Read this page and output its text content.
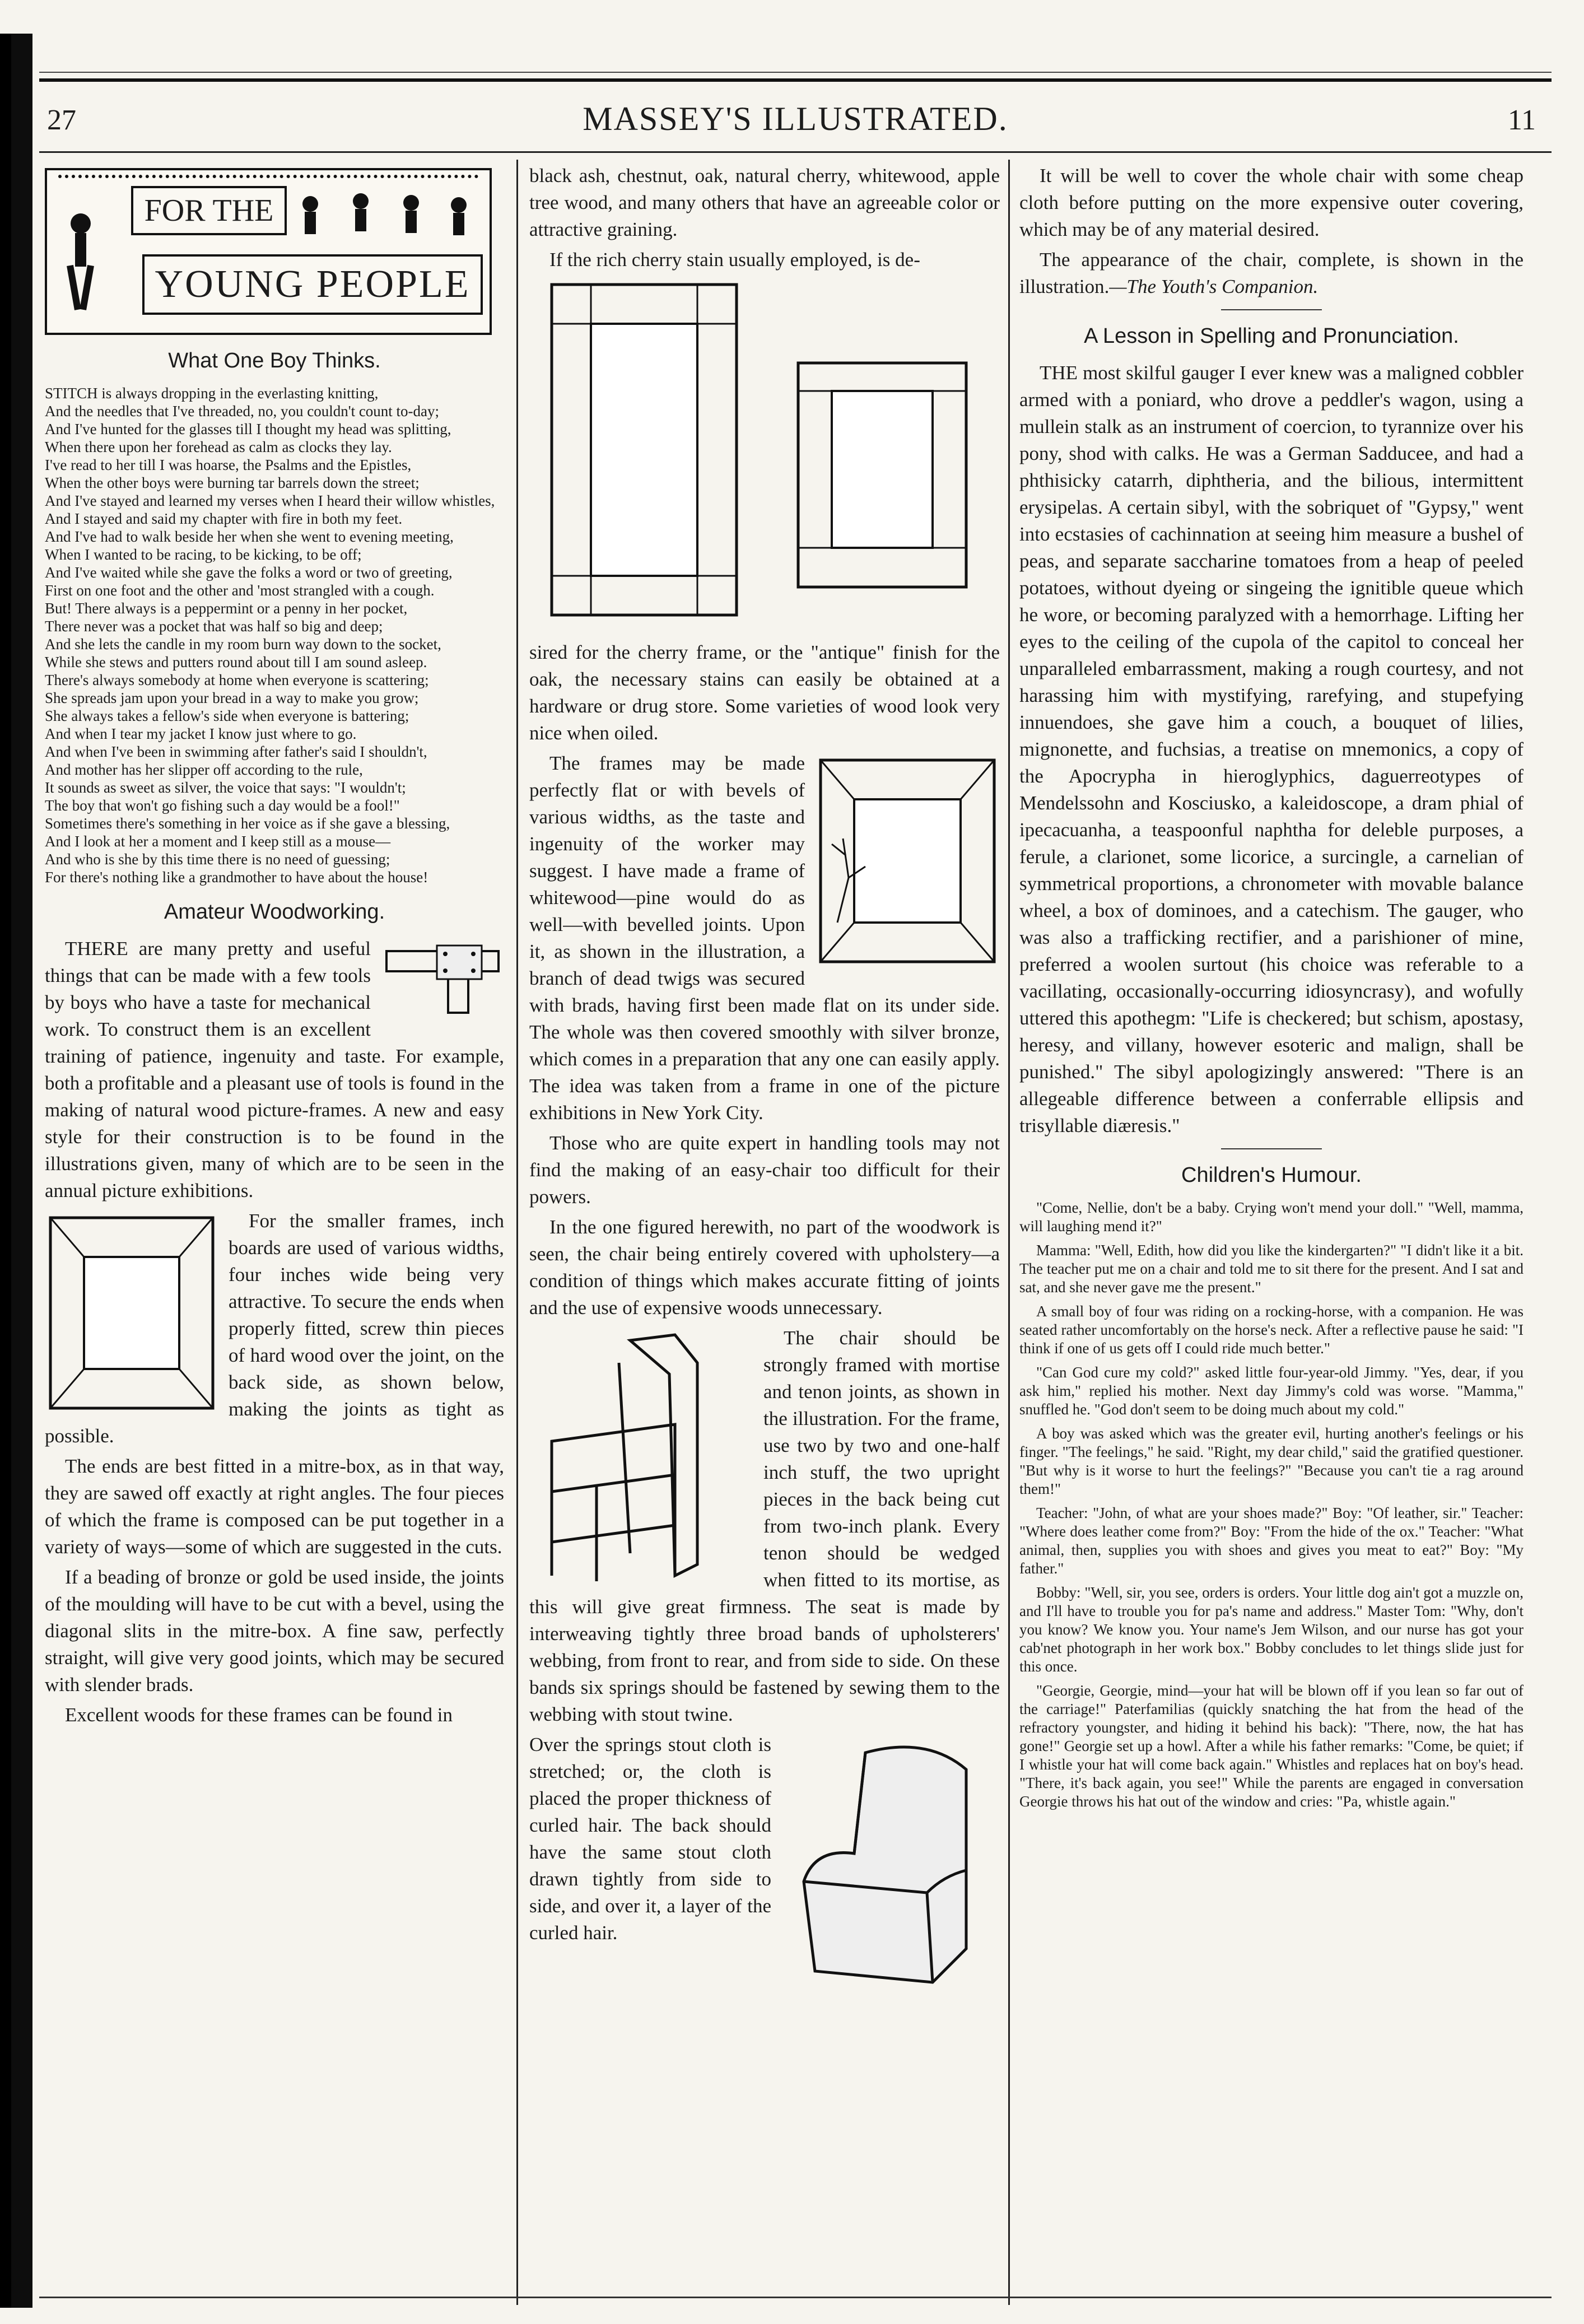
27	MASSEY'S ILLUSTRATED.	11
FOR THE
YOUNG PEOPLE
What One Boy Thinks.
STITCH is always dropping in the everlasting knitting,
And the needles that I've threaded, no, you couldn't count to-day;
And I've hunted for the glasses till I thought my head was splitting,
When there upon her forehead as calm as clocks they lay.
I've read to her till I was hoarse, the Psalms and the Epistles,
When the other boys were burning tar barrels down the street;
And I've stayed and learned my verses when I heard their willow whistles,
And I stayed and said my chapter with fire in both my feet.
And I've had to walk beside her when she went to evening meeting,
When I wanted to be racing, to be kicking, to be off;
And I've waited while she gave the folks a word or two of greeting,
First on one foot and the other and 'most strangled with a cough.
But! There always is a peppermint or a penny in her pocket,
There never was a pocket that was half so big and deep;
And she lets the candle in my room burn way down to the socket,
While she stews and putters round about till I am sound asleep.
There's always somebody at home when everyone is scattering;
She spreads jam upon your bread in a way to make you grow;
She always takes a fellow's side when everyone is battering;
And when I tear my jacket I know just where to go.
And when I've been in swimming after father's said I shouldn't,
And mother has her slipper off according to the rule,
It sounds as sweet as silver, the voice that says: "I wouldn't;
The boy that won't go fishing such a day would be a fool!"
Sometimes there's something in her voice as if she gave a blessing,
And I look at her a moment and I keep still as a mouse—
And who is she by this time there is no need of guessing;
For there's nothing like a grandmother to have about the house!
Amateur Woodworking.

THERE are many pretty and useful things that can be made with a few tools by boys who have a taste for mechanical work. To construct them is an excellent training of patience, ingenuity and taste. For example, both a profitable and a pleasant use of tools is found in the making of natural wood picture-frames. A new and easy style for their construction is to be found in the illustrations given, many of which are to be seen in the annual picture exhibitions.

For the smaller frames, inch boards are used of various widths, four inches wide being very attractive. To secure the ends when properly fitted, screw thin pieces of hard wood over the joint, on the back side, as shown below, making the joints as tight as possible.

The ends are best fitted in a mitre-box, as in that way, they are sawed off exactly at right angles. The four pieces of which the frame is composed can be put together in a variety of ways—some of which are suggested in the cuts.

If a beading of bronze or gold be used inside, the joints of the moulding will have to be cut with a bevel, using the diagonal slits in the mitre-box. A fine saw, perfectly straight, will give very good joints, which may be secured with slender brads.

Excellent woods for these frames can be found in

black ash, chestnut, oak, natural cherry, whitewood, apple tree wood, and many others that have an agreeable color or attractive graining.

If the rich cherry stain usually employed, is de-

sired for the cherry frame, or the "antique" finish for the oak, the necessary stains can easily be obtained at a hardware or drug store. Some varieties of wood look very nice when oiled.

The frames may be made perfectly flat or with bevels of various widths, as the taste and ingenuity of the worker may suggest. I have made a frame of whitewood—pine would do as well—with bevelled joints. Upon it, as shown in the illustration, a branch of dead twigs was secured with brads, having first been made flat on its under side. The whole was then covered smoothly with silver bronze, which comes in a preparation that any one can easily apply. The idea was taken from a frame in one of the picture exhibitions in New York City.

Those who are quite expert in handling tools may not find the making of an easy-chair too difficult for their powers.

In the one figured herewith, no part of the woodwork is seen, the chair being entirely covered with upholstery—a condition of things which makes accurate fitting of joints and the use of expensive woods unnecessary.

The chair should be strongly framed with mortise and tenon joints, as shown in the illustration. For the frame, use two by two and one-half inch stuff, the two upright pieces in the back being cut from two-inch plank. Every tenon should be wedged when fitted to its mortise, as this will give great firmness. The seat is made by interweaving tightly three broad bands of upholsterers' webbing, from front to rear, and from side to side. On these bands six springs should be fastened by sewing them to the webbing with stout twine.

Over the springs stout cloth is stretched; or, the cloth is placed the proper thickness of curled hair. The back should have the same stout cloth drawn tightly from side to side, and over it, a layer of the curled hair.

It will be well to cover the whole chair with some cheap cloth before putting on the more expensive outer covering, which may be of any material desired.

The appearance of the chair, complete, is shown in the illustration.—The Youth's Companion.

A Lesson in Spelling and Pronunciation.

THE most skilful gauger I ever knew was a maligned cobbler armed with a poniard, who drove a peddler's wagon, using a mullein stalk as an instrument of coercion, to tyrannize over his pony, shod with calks. He was a German Sadducee, and had a phthisicky catarrh, diphtheria, and the bilious, intermittent erysipelas. A certain sibyl, with the sobriquet of "Gypsy," went into ecstasies of cachinnation at seeing him measure a bushel of peas, and separate saccharine tomatoes from a heap of peeled potatoes, without dyeing or singeing the ignitible queue which he wore, or becoming paralyzed with a hemorrhage. Lifting her eyes to the ceiling of the cupola of the capitol to conceal her unparalleled embarrassment, making a rough courtesy, and not harassing him with mystifying, rarefying, and stupefying innuendoes, she gave him a couch, a bouquet of lilies, mignonette, and fuchsias, a treatise on mnemonics, a copy of the Apocrypha in hieroglyphics, daguerreotypes of Mendelssohn and Kosciusko, a kaleidoscope, a dram phial of ipecacuanha, a teaspoonful naphtha for deleble purposes, a ferule, a clarionet, some licorice, a surcingle, a carnelian of symmetrical proportions, a chronometer with movable balance wheel, a box of dominoes, and a catechism. The gauger, who was also a trafficking rectifier, and a parishioner of mine, preferred a woolen surtout (his choice was referable to a vacillating, occasionally-occurring idiosyncrasy), and wofully uttered this apothegm: "Life is checkered; but schism, apostasy, heresy, and villany, however esoteric and malign, shall be punished." The sibyl apologizingly answered: "There is an allegeable difference between a conferrable ellipsis and trisyllable diæresis."

Children's Humour.

"Come, Nellie, don't be a baby. Crying won't mend your doll." "Well, mamma, will laughing mend it?"

Mamma: "Well, Edith, how did you like the kindergarten?" "I didn't like it a bit. The teacher put me on a chair and told me to sit there for the present. And I sat and sat, and she never gave me the present."

A small boy of four was riding on a rocking-horse, with a companion. He was seated rather uncomfortably on the horse's neck. After a reflective pause he said: "I think if one of us gets off I could ride much better."

"Can God cure my cold?" asked little four-year-old Jimmy. "Yes, dear, if you ask him," replied his mother. Next day Jimmy's cold was worse. "Mamma," snuffled he. "God don't seem to be doing much about my cold."

A boy was asked which was the greater evil, hurting another's feelings or his finger. "The feelings," he said. "Right, my dear child," said the gratified questioner. "But why is it worse to hurt the feelings?" "Because you can't tie a rag around them!"

Teacher: "John, of what are your shoes made?" Boy: "Of leather, sir." Teacher: "Where does leather come from?" Boy: "From the hide of the ox." Teacher: "What animal, then, supplies you with shoes and gives you meat to eat?" Boy: "My father."

Bobby: "Well, sir, you see, orders is orders. Your little dog ain't got a muzzle on, and I'll have to trouble you for pa's name and address." Master Tom: "Why, don't you know? We know you. Your name's Jem Wilson, and our nurse has got your cab'net photograph in her work box." Bobby concludes to let things slide just for this once.

"Georgie, Georgie, mind—your hat will be blown off if you lean so far out of the carriage!" Paterfamilias (quickly snatching the hat from the head of the refractory youngster, and hiding it behind his back): "There, now, the hat has gone!" Georgie set up a howl. After a while his father remarks: "Come, be quiet; if I whistle your hat will come back again." Whistles and replaces hat on boy's head. "There, it's back again, you see!" While the parents are engaged in conversation Georgie throws his hat out of the window and cries: "Pa, whistle again."
